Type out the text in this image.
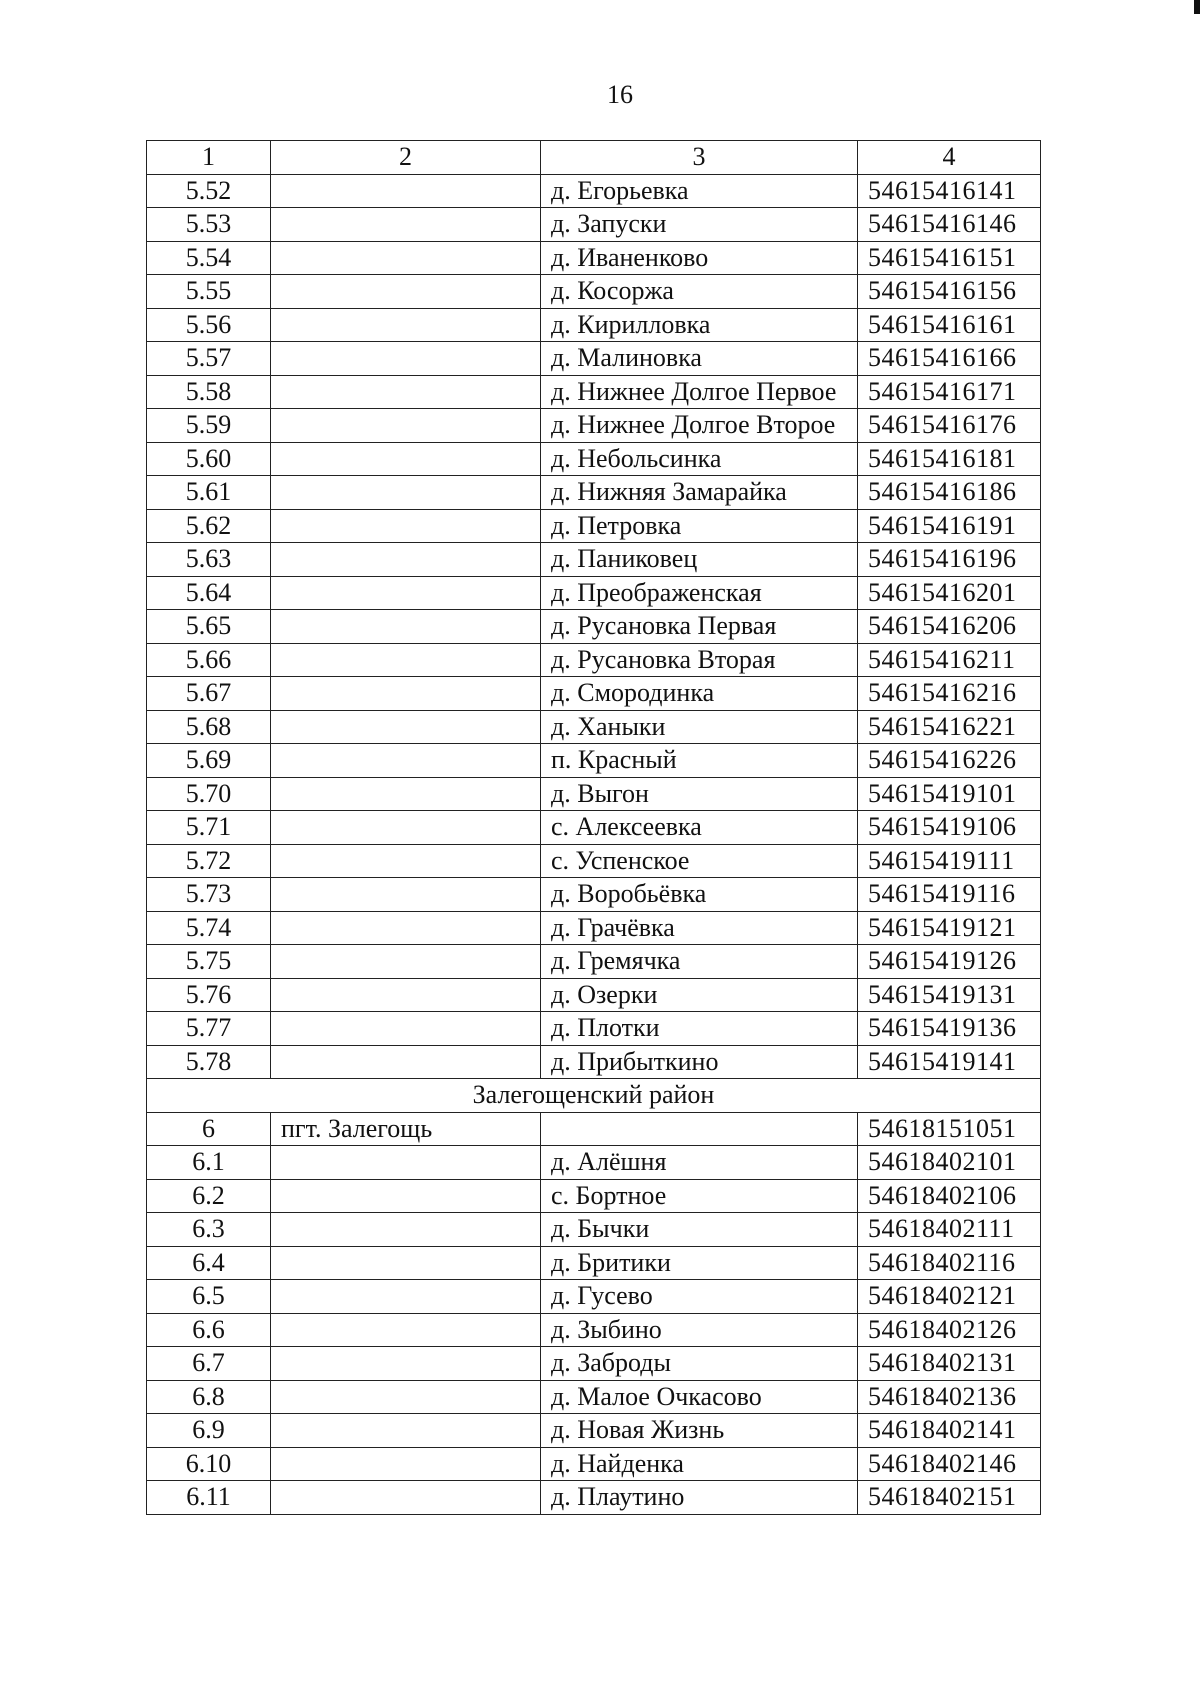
16
1	2	3	4
5.52		д. Егорьевка	54615416141
5.53		д. Запуски	54615416146
5.54		д. Иваненково	54615416151
5.55		д. Косоржа	54615416156
5.56		д. Кирилловка	54615416161
5.57		д. Малиновка	54615416166
5.58		д. Нижнее Долгое Первое	54615416171
5.59		д. Нижнее Долгое Второе	54615416176
5.60		д. Небольсинка	54615416181
5.61		д. Нижняя Замарайка	54615416186
5.62		д. Петровка	54615416191
5.63		д. Паниковец	54615416196
5.64		д. Преображенская	54615416201
5.65		д. Русановка Первая	54615416206
5.66		д. Русановка Вторая	54615416211
5.67		д. Смородинка	54615416216
5.68		д. Ханыки	54615416221
5.69		п. Красный	54615416226
5.70		д. Выгон	54615419101
5.71		с. Алексеевка	54615419106
5.72		с. Успенское	54615419111
5.73		д. Воробьёвка	54615419116
5.74		д. Грачёвка	54615419121
5.75		д. Гремячка	54615419126
5.76		д. Озерки	54615419131
5.77		д. Плотки	54615419136
5.78		д. Прибыткино	54615419141
Залегощенский район			
6	пгт. Залегощь		54618151051
6.1		д. Алёшня	54618402101
6.2		с. Бортное	54618402106
6.3		д. Бычки	54618402111
6.4		д. Бритики	54618402116
6.5		д. Гусево	54618402121
6.6		д. Зыбино	54618402126
6.7		д. Заброды	54618402131
6.8		д. Малое Очкасово	54618402136
6.9		д. Новая Жизнь	54618402141
6.10		д. Найденка	54618402146
6.11		д. Плаутино	54618402151
